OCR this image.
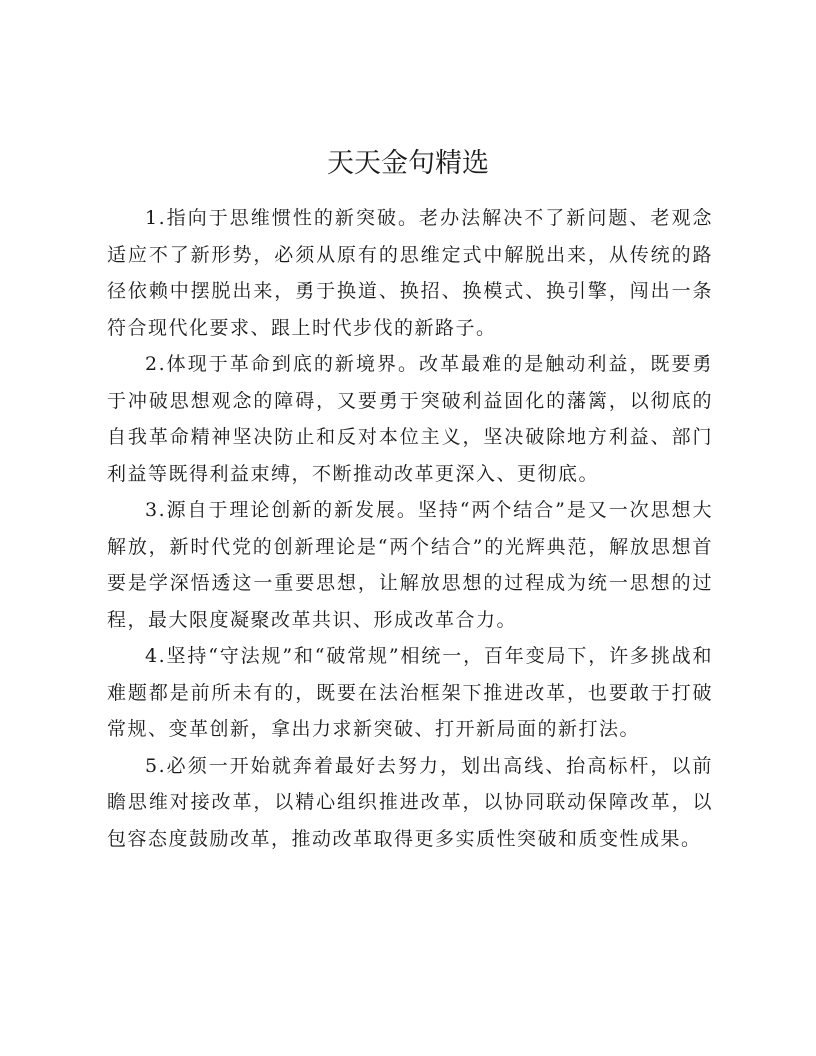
天天金句精选

1.指向于思维惯性的新突破。老办法解决不了新问题、老观念适应不了新形势，必须从原有的思维定式中解脱出来，从传统的路径依赖中摆脱出来，勇于换道、换招、换模式、换引擎，闯出一条符合现代化要求、跟上时代步伐的新路子。

2.体现于革命到底的新境界。改革最难的是触动利益，既要勇于冲破思想观念的障碍，又要勇于突破利益固化的藩篱，以彻底的自我革命精神坚决防止和反对本位主义，坚决破除地方利益、部门利益等既得利益束缚，不断推动改革更深入、更彻底。

3.源自于理论创新的新发展。坚持“两个结合”是又一次思想大解放，新时代党的创新理论是“两个结合”的光辉典范，解放思想首要是学深悟透这一重要思想，让解放思想的过程成为统一思想的过程，最大限度凝聚改革共识、形成改革合力。

4.坚持“守法规”和“破常规”相统一，百年变局下，许多挑战和难题都是前所未有的，既要在法治框架下推进改革，也要敢于打破常规、变革创新，拿出力求新突破、打开新局面的新打法。

5.必须一开始就奔着最好去努力，划出高线、抬高标杆，以前瞻思维对接改革，以精心组织推进改革，以协同联动保障改革，以包容态度鼓励改革，推动改革取得更多实质性突破和质变性成果。
